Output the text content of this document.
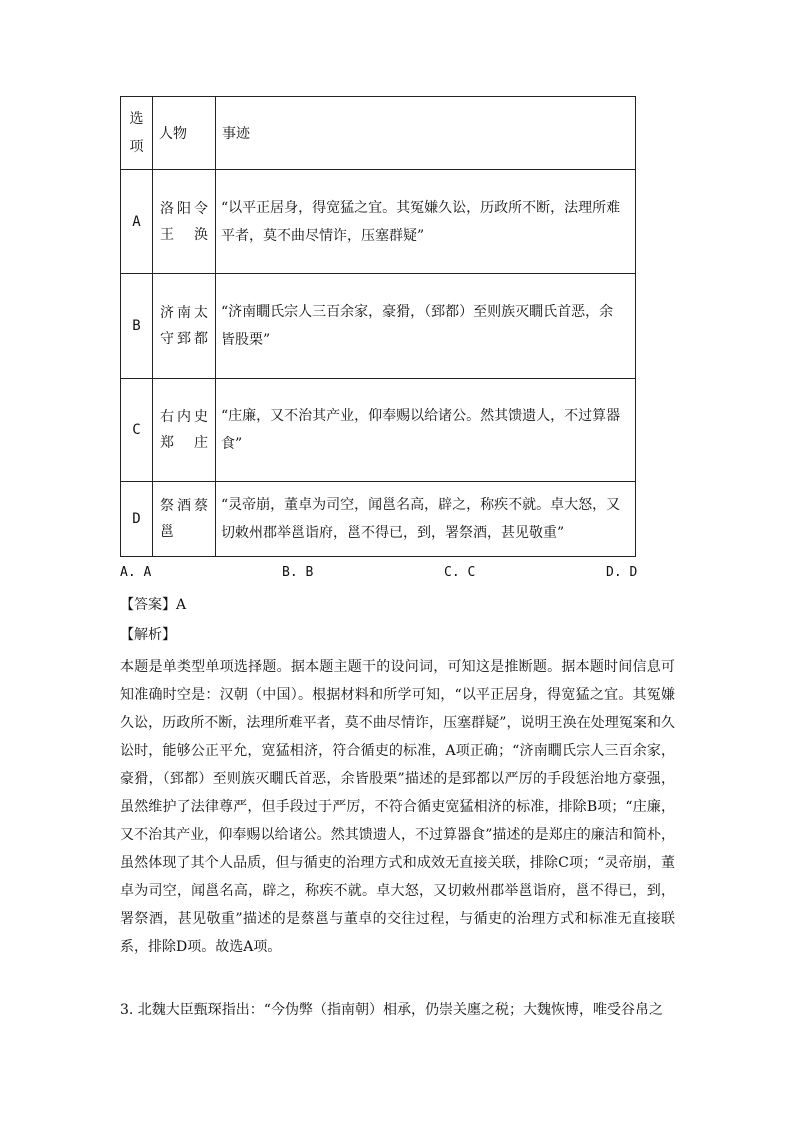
选项	人物	事迹
A	洛阳令王涣	“以平正居身，得宽猛之宜。其冤嫌久讼，历政所不断，法理所难平者，莫不曲尽情诈，压塞群疑”
B	济南太守郅都	“济南瞯氏宗人三百余家，豪猾，（郅都）至则族灭瞯氏首恶，余皆股栗”
C	右内史郑庄	“庄廉，又不治其产业，仰奉赐以给诸公。然其馈遗人，不过算器食”
D	祭酒蔡邕	“灵帝崩，董卓为司空，闻邕名高，辟之，称疾不就。卓大怒，又切敕州郡举邕诣府，邕不得已，到，署祭酒，甚见敬重”
A. A	B. B	C. C	D. D
【答案】A
【解析】
本题是单类型单项选择题。据本题主题干的设问词，可知这是推断题。据本题时间信息可知准确时空是：汉朝（中国）。根据材料和所学可知，“以平正居身，得宽猛之宜。其冤嫌久讼，历政所不断，法理所难平者，莫不曲尽情诈，压塞群疑”，说明王涣在处理冤案和久讼时，能够公正平允，宽猛相济，符合循吏的标准，A项正确；“济南瞯氏宗人三百余家，豪猾，（郅都）至则族灭瞯氏首恶，余皆股栗”描述的是郅都以严厉的手段惩治地方豪强，虽然维护了法律尊严，但手段过于严厉，不符合循吏宽猛相济的标准，排除B项；“庄廉，又不治其产业，仰奉赐以给诸公。然其馈遗人，不过算器食”描述的是郑庄的廉洁和简朴，虽然体现了其个人品质，但与循吏的治理方式和成效无直接关联，排除C项；“灵帝崩，董卓为司空，闻邕名高，辟之，称疾不就。卓大怒，又切敕州郡举邕诣府，邕不得已，到，署祭酒，甚见敬重”描述的是蔡邕与董卓的交往过程，与循吏的治理方式和标准无直接联系，排除D项。故选A项。
3. 北魏大臣甄琛指出：“今伪弊（指南朝）相承，仍崇关廛之税；大魏恢博，唯受谷帛之
